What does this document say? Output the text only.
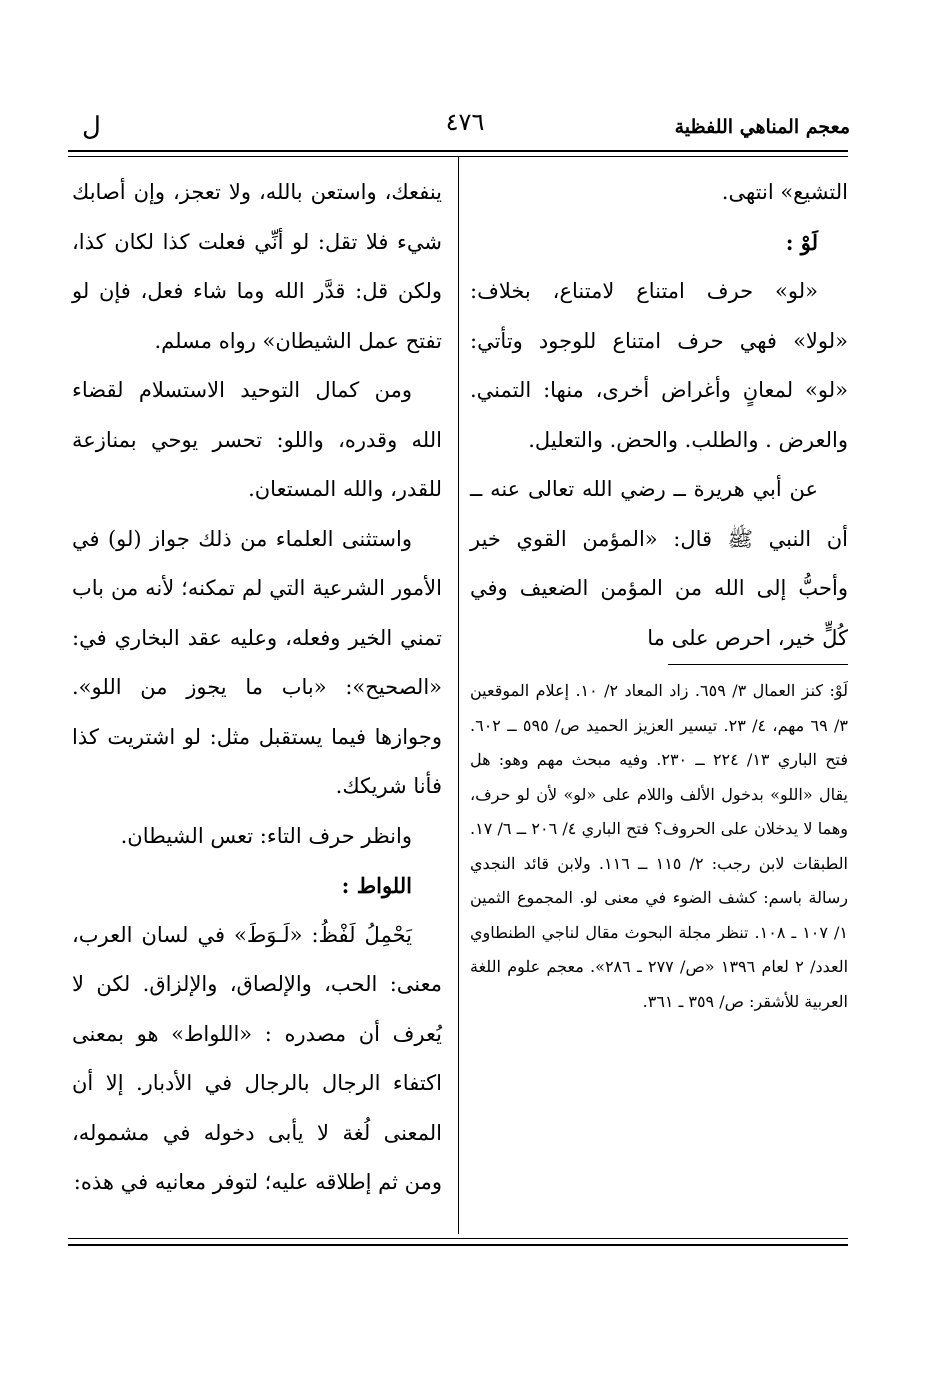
معجم المناهي اللفظية
٤٧٦
ل

التشيع» انتهى.

لَوْ :

«لو» حرف امتناع لامتناع، بخلاف: «لولا» فهي حرف امتناع للوجود وتأتي: «لو» لمعانٍ وأغراض أخرى، منها: التمني. والعرض . والطلب. والحض. والتعليل.

عن أبي هريرة ــ رضي الله تعالى عنه ــ أن النبي ﷺ قال: «المؤمن القوي خير وأحبُّ إلى الله من المؤمن الضعيف وفي كُلٍّ خير، احرص على ما

لَوْ: كنز العمال ٣/ ٦٥٩. زاد المعاد ٢/ ١٠. إعلام الموقعين ٣/ ٦٩ مهم، ٤/ ٢٣. تيسير العزيز الحميد ص/ ٥٩٥ ــ ٦٠٢. فتح الباري ١٣/ ٢٢٤ ــ ٢٣٠. وفيه مبحث مهم وهو: هل يقال «اللو» بدخول الألف واللام على «لو» لأن لو حرف، وهما لا يدخلان على الحروف؟ فتح الباري ٤/ ٢٠٦ ــ ٦/ ١٧. الطبقات لابن رجب: ٢/ ١١٥ ــ ١١٦. ولابن قائد النجدي رسالة باسم: كشف الضوء في معنى لو. المجموع الثمين ١/ ١٠٧ ـ ١٠٨. تنظر مجلة البحوث مقال لناجي الطنطاوي العدد/ ٢ لعام ١٣٩٦ «ص/ ٢٧٧ ـ ٢٨٦». معجم علوم اللغة العربية للأشقر: ص/ ٣٥٩ ـ ٣٦١.

ينفعك، واستعن بالله، ولا تعجز، وإن أصابك شيء فلا تقل: لو أنِّي فعلت كذا لكان كذا، ولكن قل: قدَّر الله وما شاء فعل، فإن لو تفتح عمل الشيطان» رواه مسلم.

ومن كمال التوحيد الاستسلام لقضاء الله وقدره، واللو: تحسر يوحي بمنازعة للقدر، والله المستعان.

واستثنى العلماء من ذلك جواز (لو) في الأمور الشرعية التي لم تمكنه؛ لأنه من باب تمني الخير وفعله، وعليه عقد البخاري في: «الصحيح»: «باب ما يجوز من اللو». وجوازها فيما يستقبل مثل: لو اشتريت كذا فأنا شريكك.

وانظر حرف التاء: تعس الشيطان.

اللواط :

يَحْمِلُ لَفْظُ: «لَـوَطَ» في لسان العرب، معنى: الحب، والإلصاق، والإلزاق. لكن لا يُعرف أن مصدره : «اللواط» هو بمعنى اكتفاء الرجال بالرجال في الأدبار. إلا أن المعنى لُغة لا يأبى دخوله في مشموله، ومن ثم إطلاقه عليه؛ لتوفر معانيه في هذه:
